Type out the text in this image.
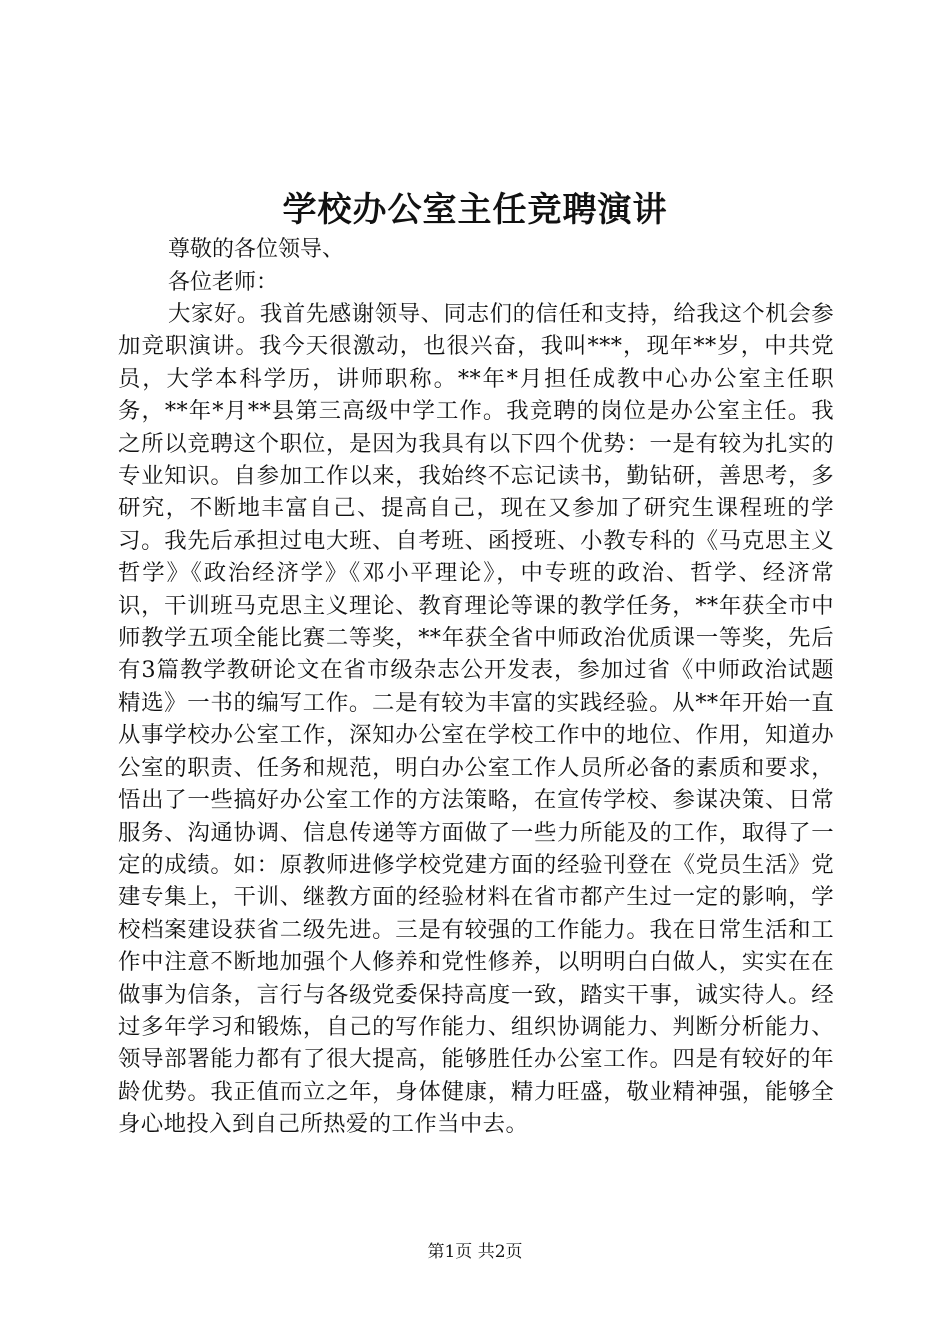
学校办公室主任竞聘演讲

尊敬的各位领导、

各位老师：

大家好。我首先感谢领导、同志们的信任和支持，给我这个机会参加竞职演讲。我今天很激动，也很兴奋，我叫***，现年**岁，中共党员，大学本科学历，讲师职称。**年*月担任成教中心办公室主任职务，**年*月**县第三高级中学工作。我竞聘的岗位是办公室主任。我之所以竞聘这个职位，是因为我具有以下四个优势：一是有较为扎实的专业知识。自参加工作以来，我始终不忘记读书，勤钻研，善思考，多研究，不断地丰富自己、提高自己，现在又参加了研究生课程班的学习。我先后承担过电大班、自考班、函授班、小教专科的《马克思主义哲学》《政治经济学》《邓小平理论》，中专班的政治、哲学、经济常识，干训班马克思主义理论、教育理论等课的教学任务，**年获全市中师教学五项全能比赛二等奖，**年获全省中师政治优质课一等奖，先后有3篇教学教研论文在省市级杂志公开发表，参加过省《中师政治试题精选》一书的编写工作。二是有较为丰富的实践经验。从**年开始一直从事学校办公室工作，深知办公室在学校工作中的地位、作用，知道办公室的职责、任务和规范，明白办公室工作人员所必备的素质和要求，悟出了一些搞好办公室工作的方法策略，在宣传学校、参谋决策、日常服务、沟通协调、信息传递等方面做了一些力所能及的工作，取得了一定的成绩。如：原教师进修学校党建方面的经验刊登在《党员生活》党建专集上，干训、继教方面的经验材料在省市都产生过一定的影响，学校档案建设获省二级先进。三是有较强的工作能力。我在日常生活和工作中注意不断地加强个人修养和党性修养，以明明白白做人，实实在在做事为信条，言行与各级党委保持高度一致，踏实干事，诚实待人。经过多年学习和锻炼，自己的写作能力、组织协调能力、判断分析能力、领导部署能力都有了很大提高，能够胜任办公室工作。四是有较好的年龄优势。我正值而立之年，身体健康，精力旺盛，敬业精神强，能够全身心地投入到自己所热爱的工作当中去。

第1页 共2页
